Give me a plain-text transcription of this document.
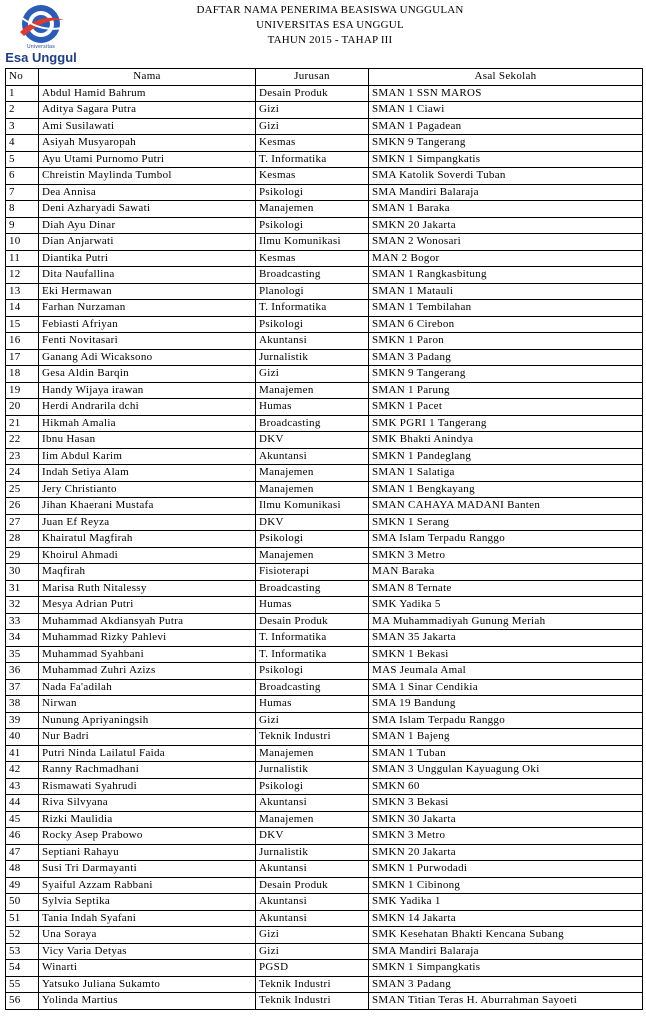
Universitas
Esa Unggul
DAFTAR NAMA PENERIMA BEASISWA UNGGULAN
UNIVERSITAS ESA UNGGUL
TAHUN 2015 - TAHAP III
No	Nama	Jurusan	Asal Sekolah
1	Abdul Hamid Bahrum	Desain Produk	SMAN 1 SSN MAROS
2	Aditya Sagara Putra	Gizi	SMAN 1 Ciawi
3	Ami Susilawati	Gizi	SMAN 1 Pagadean
4	Asiyah Musyaropah	Kesmas	SMKN 9 Tangerang
5	Ayu Utami Purnomo Putri	T. Informatika	SMKN 1 Simpangkatis
6	Chreistin Maylinda Tumbol	Kesmas	SMA Katolik Soverdi Tuban
7	Dea Annisa	Psikologi	SMA Mandiri Balaraja
8	Deni Azharyadi Sawati	Manajemen	SMAN 1 Baraka
9	Diah Ayu Dinar	Psikologi	SMKN 20 Jakarta
10	Dian Anjarwati	Ilmu Komunikasi	SMAN 2 Wonosari
11	Diantika Putri	Kesmas	MAN 2 Bogor
12	Dita Naufallina	Broadcasting	SMAN 1 Rangkasbitung
13	Eki Hermawan	Planologi	SMAN 1 Matauli
14	Farhan Nurzaman	T. Informatika	SMAN 1 Tembilahan
15	Febiasti Afriyan	Psikologi	SMAN 6 Cirebon
16	Fenti Novitasari	Akuntansi	SMKN 1 Paron
17	Ganang Adi Wicaksono	Jurnalistik	SMAN 3 Padang
18	Gesa Aldin Barqin	Gizi	SMKN 9 Tangerang
19	Handy Wijaya irawan	Manajemen	SMAN 1 Parung
20	Herdi Andrarila dchi	Humas	SMKN 1 Pacet
21	Hikmah Amalia	Broadcasting	SMK PGRI 1 Tangerang
22	Ibnu Hasan	DKV	SMK Bhakti Anindya
23	Iim Abdul Karim	Akuntansi	SMKN 1 Pandeglang
24	Indah Setiya Alam	Manajemen	SMAN 1 Salatiga
25	Jery Christianto	Manajemen	SMAN 1 Bengkayang
26	Jihan Khaerani Mustafa	Ilmu Komunikasi	SMAN CAHAYA MADANI Banten
27	Juan Ef Reyza	DKV	SMKN 1 Serang
28	Khairatul Magfirah	Psikologi	SMA Islam Terpadu Ranggo
29	Khoirul Ahmadi	Manajemen	SMKN 3 Metro
30	Maqfirah	Fisioterapi	MAN Baraka
31	Marisa Ruth Nitalessy	Broadcasting	SMAN 8 Ternate
32	Mesya Adrian Putri	Humas	SMK Yadika 5
33	Muhammad Akdiansyah Putra	Desain Produk	MA Muhammadiyah Gunung Meriah
34	Muhammad Rizky Pahlevi	T. Informatika	SMAN 35 Jakarta
35	Muhammad Syahbani	T. Informatika	SMKN 1 Bekasi
36	Muhammad Zuhri Azizs	Psikologi	MAS Jeumala Amal
37	Nada Fa'adilah	Broadcasting	SMA 1 Sinar Cendikia
38	Nirwan	Humas	SMA 19 Bandung
39	Nunung Apriyaningsih	Gizi	SMA Islam Terpadu Ranggo
40	Nur Badri	Teknik Industri	SMAN 1 Bajeng
41	Putri Ninda Lailatul Faida	Manajemen	SMAN 1 Tuban
42	Ranny Rachmadhani	Jurnalistik	SMAN 3 Unggulan Kayuagung Oki
43	Rismawati Syahrudi	Psikologi	SMKN 60
44	Riva Silvyana	Akuntansi	SMKN 3 Bekasi
45	Rizki Maulidia	Manajemen	SMKN 30 Jakarta
46	Rocky Asep Prabowo	DKV	SMKN 3 Metro
47	Septiani Rahayu	Jurnalistik	SMKN 20 Jakarta
48	Susi Tri Darmayanti	Akuntansi	SMKN 1 Purwodadi
49	Syaiful Azzam Rabbani	Desain Produk	SMKN 1 Cibinong
50	Sylvia Septika	Akuntansi	SMK Yadika 1
51	Tania Indah Syafani	Akuntansi	SMKN 14 Jakarta
52	Una Soraya	Gizi	SMK Kesehatan Bhakti Kencana Subang
53	Vicy Varia Detyas	Gizi	SMA Mandiri Balaraja
54	Winarti	PGSD	SMKN 1 Simpangkatis
55	Yatsuko Juliana Sukamto	Teknik Industri	SMAN 3 Padang
56	Yolinda Martius	Teknik Industri	SMAN Titian Teras H. Aburrahman Sayoeti
